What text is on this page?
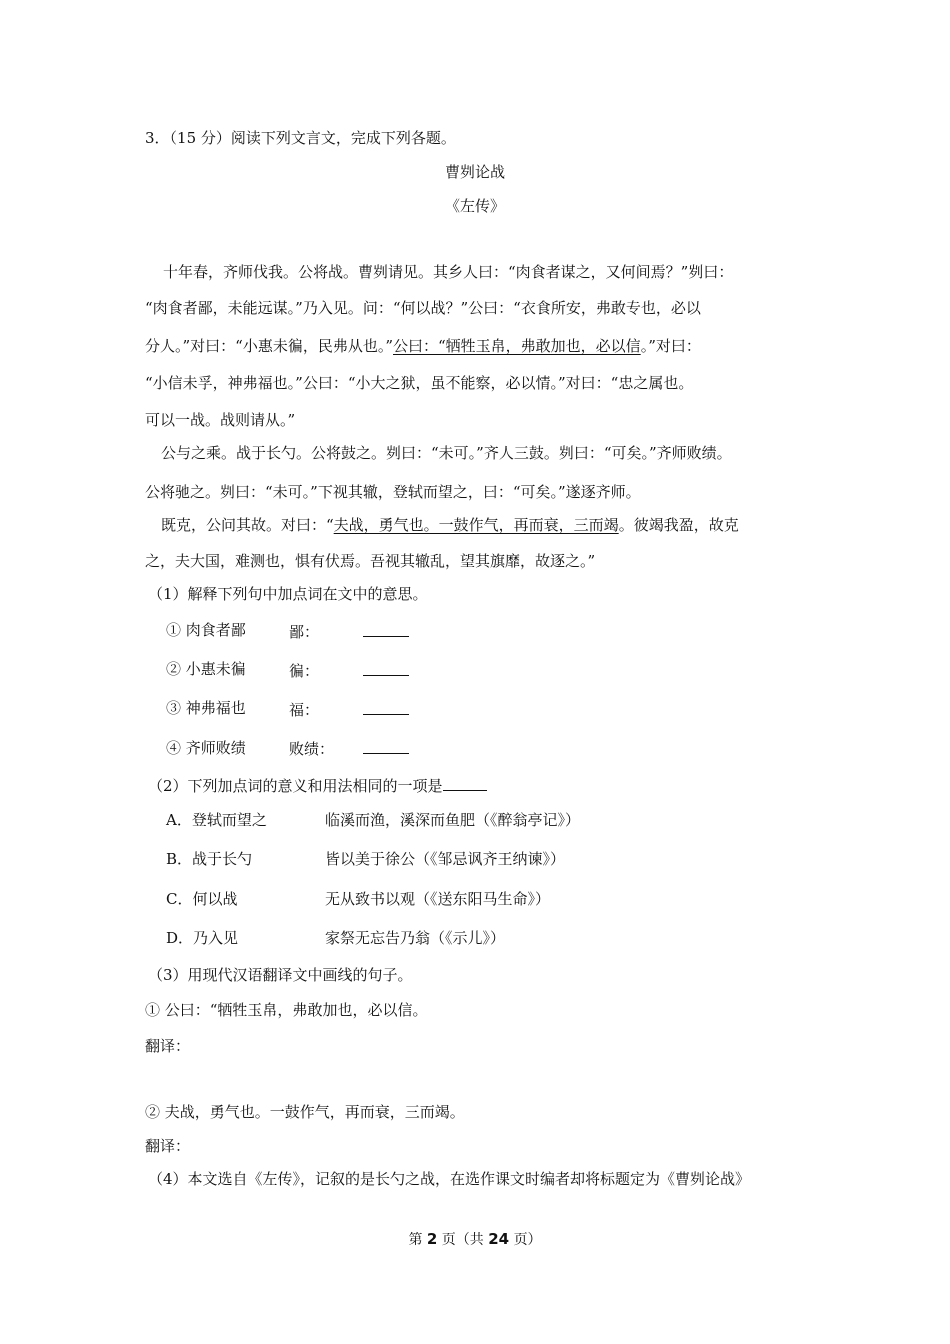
3．（15 分）阅读下列文言文，完成下列各题。
曹刿论战
《左传》
十年春，齐师伐我。公将战。曹刿请见。其乡人曰：“肉食者谋之，又何间焉？”刿曰：
“肉食者鄙，未能远谋。”乃入见。问：“何以战？”公曰：“衣食所安，弗敢专也，必以
分人。”对曰：“小惠未徧，民弗从也。”公曰：“牺牲玉帛，弗敢加也，必以信。”对曰：
“小信未孚，神弗福也。”公曰：“小大之狱，虽不能察，必以情。”对曰：“忠之属也。
可以一战。战则请从。”
公与之乘。战于长勺。公将鼓之。刿曰：“未可。”齐人三鼓。刿曰：“可矣。”齐师败绩。
公将驰之。刿曰：“未可。”下视其辙，登轼而望之，曰：“可矣。”遂逐齐师。
既克，公问其故。对曰：“夫战，勇气也。一鼓作气，再而衰，三而竭。彼竭我盈，故克
之，夫大国，难测也，惧有伏焉。吾视其辙乱，望其旗靡，故逐之。”
（1）解释下列句中加点词在文中的意思。
① 肉食者鄙	鄙：
② 小惠未徧	徧：
③ 神弗福也	福：
④ 齐师败绩	败绩：
（2）下列加点词的意义和用法相同的一项是
A．登轼而望之	临溪而渔，溪深而鱼肥（《醉翁亭记》）
B．战于长勺	皆以美于徐公（《邹忌讽齐王纳谏》）
C．何以战	无从致书以观（《送东阳马生命》）
D．乃入见	家祭无忘告乃翁（《示儿》）
（3）用现代汉语翻译文中画线的句子。
① 公曰：“牺牲玉帛，弗敢加也，必以信。
翻译：
② 夫战，勇气也。一鼓作气，再而衰，三而竭。
翻译：
（4）本文选自《左传》，记叙的是长勺之战，在选作课文时编者却将标题定为《曹刿论战》
第 2 页（共 24 页）
